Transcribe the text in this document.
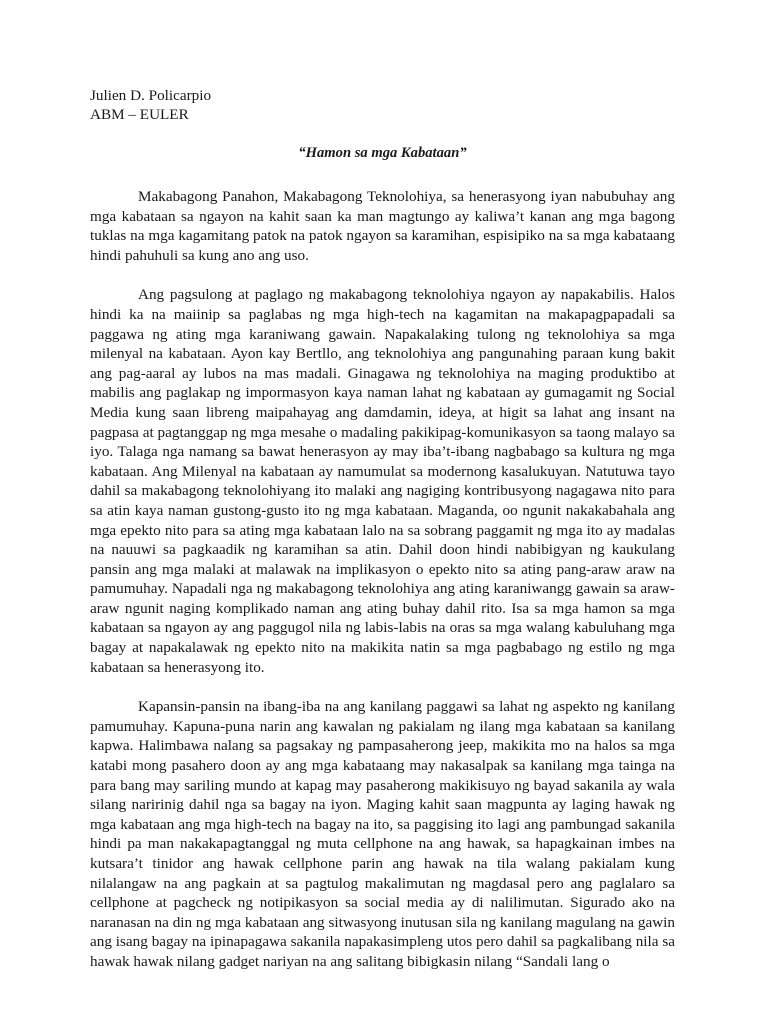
Julien D. Policarpio

ABM – EULER

“Hamon sa mga Kabataan”

Makabagong Panahon, Makabagong Teknolohiya, sa henerasyong iyan nabubuhay ang mga kabataan sa ngayon na kahit saan ka man magtungo ay kaliwa’t kanan ang mga bagong tuklas na mga kagamitang patok na patok ngayon sa karamihan, espisipiko na sa mga kabataang hindi pahuhuli sa kung ano ang uso.

Ang pagsulong at paglago ng makabagong teknolohiya ngayon ay napakabilis. Halos hindi ka na maiinip sa paglabas ng mga high-tech na kagamitan na makapagpapadali sa paggawa ng ating mga karaniwang gawain. Napakalaking tulong ng teknolohiya sa mga milenyal na kabataan. Ayon kay Bertllo, ang teknolohiya ang pangunahing paraan kung bakit ang pag-aaral ay lubos na mas madali. Ginagawa ng teknolohiya na maging produktibo at mabilis ang paglakap ng impormasyon kaya naman lahat ng kabataan ay gumagamit ng Social Media kung saan libreng maipahayag ang damdamin, ideya, at higit sa lahat ang insant na pagpasa at pagtanggap ng mga mesahe o madaling pakikipag-komunikasyon sa taong malayo sa iyo. Talaga nga namang sa bawat henerasyon ay may iba’t-ibang nagbabago sa kultura ng mga kabataan. Ang Milenyal na kabataan ay namumulat sa modernong kasalukuyan. Natutuwa tayo dahil sa makabagong teknolohiyang ito malaki ang nagiging kontribusyong nagagawa nito para sa atin kaya naman gustong-gusto ito ng mga kabataan. Maganda, oo ngunit nakakabahala ang mga epekto nito para sa ating mga kabataan lalo na sa sobrang paggamit ng mga ito ay madalas na nauuwi sa pagkaadik ng karamihan sa atin. Dahil doon hindi nabibigyan ng kaukulang pansin ang mga malaki at malawak na implikasyon o epekto nito sa ating pang-araw araw na pamumuhay. Napadali nga ng makabagong teknolohiya ang ating karaniwangg gawain sa araw-araw ngunit naging komplikado naman ang ating buhay dahil rito. Isa sa mga hamon sa mga kabataan sa ngayon ay ang paggugol nila ng labis-labis na oras sa mga walang kabuluhang mga bagay at napakalawak ng epekto nito na makikita natin sa mga pagbabago ng estilo ng mga kabataan sa henerasyong ito.

Kapansin-pansin na ibang-iba na ang kanilang paggawi sa lahat ng aspekto ng kanilang pamumuhay. Kapuna-puna narin ang kawalan ng pakialam ng ilang mga kabataan sa kanilang kapwa. Halimbawa nalang sa pagsakay ng pampasaherong jeep, makikita mo na halos sa mga katabi mong pasahero doon ay ang mga kabataang may nakasalpak sa kanilang mga tainga na para bang may sariling mundo at kapag may pasaherong makikisuyo ng bayad sakanila ay wala silang naririnig dahil nga sa bagay na iyon. Maging kahit saan magpunta ay laging hawak ng mga kabataan ang mga high-tech na bagay na ito, sa paggising ito lagi ang pambungad sakanila hindi pa man nakakapagtanggal ng muta cellphone na ang hawak, sa hapagkainan imbes na kutsara’t tinidor ang hawak cellphone parin ang hawak na tila walang pakialam kung nilalangaw na ang pagkain at sa pagtulog makalimutan ng magdasal pero ang paglalaro sa cellphone at pagcheck ng notipikasyon sa social media ay di nalilimutan. Sigurado ako na naranasan na din ng mga kabataan ang sitwasyong inutusan sila ng kanilang magulang na gawin ang isang bagay na ipinapagawa sakanila napakasimpleng utos pero dahil sa pagkalibang nila sa hawak hawak nilang gadget nariyan na ang salitang bibigkasin nilang “Sandali lang o
